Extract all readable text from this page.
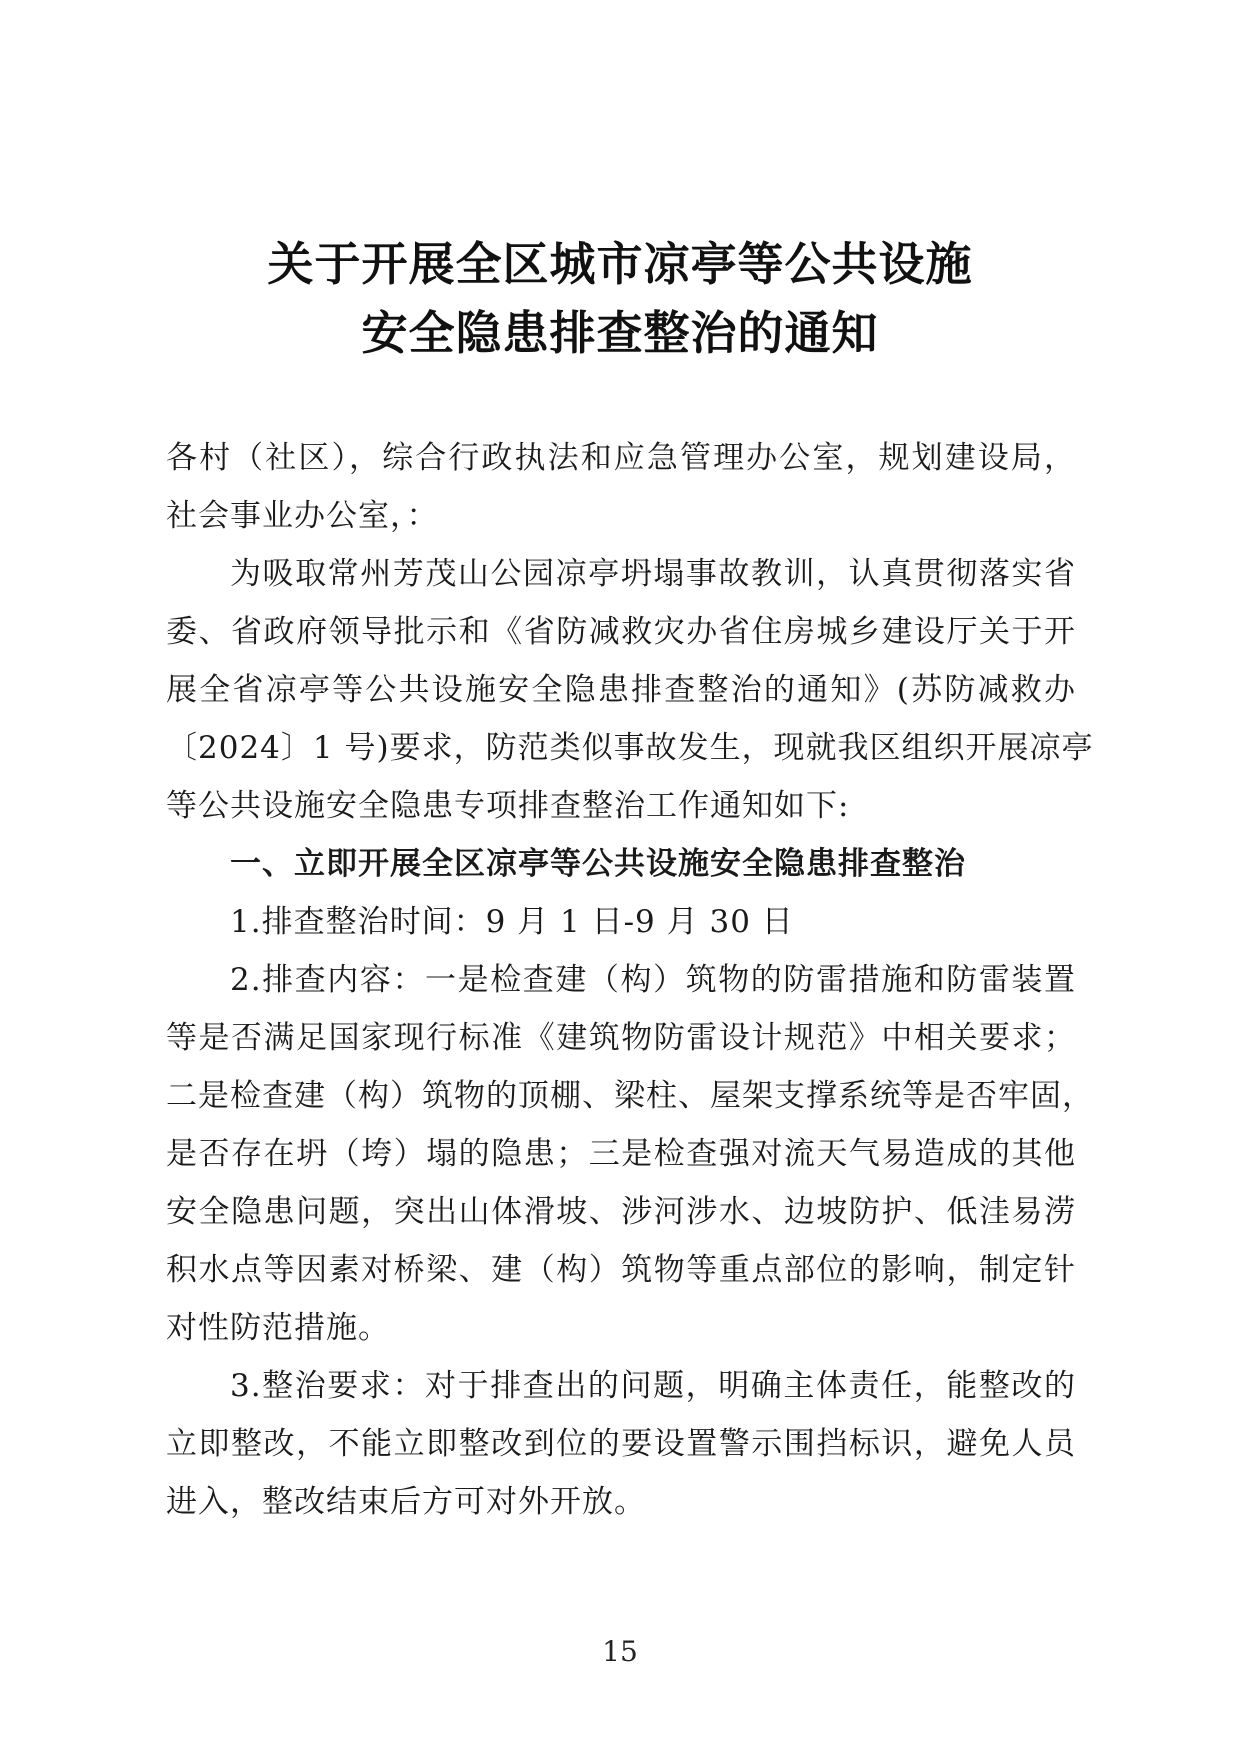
关于开展全区城市凉亭等公共设施
安全隐患排查整治的通知
各村（社区），综合行政执法和应急管理办公室，规划建设局，
社会事业办公室，：
为吸取常州芳茂山公园凉亭坍塌事故教训，认真贯彻落实省
委、省政府领导批示和《省防减救灾办省住房城乡建设厅关于开
展全省凉亭等公共设施安全隐患排查整治的通知》(苏防减救办
〔2024〕1 号)要求，防范类似事故发生，现就我区组织开展凉亭
等公共设施安全隐患专项排查整治工作通知如下:
一、立即开展全区凉亭等公共设施安全隐患排查整治
1.排查整治时间：9 月 1 日-9 月 30 日
2.排查内容：一是检查建（构）筑物的防雷措施和防雷装置
等是否满足国家现行标准《建筑物防雷设计规范》中相关要求；
二是检查建（构）筑物的顶棚、梁柱、屋架支撑系统等是否牢固，
是否存在坍（垮）塌的隐患；三是检查强对流天气易造成的其他
安全隐患问题，突出山体滑坡、涉河涉水、边坡防护、低洼易涝
积水点等因素对桥梁、建（构）筑物等重点部位的影响，制定针
对性防范措施。
3.整治要求：对于排查出的问题，明确主体责任，能整改的
立即整改，不能立即整改到位的要设置警示围挡标识，避免人员
进入，整改结束后方可对外开放。
15
